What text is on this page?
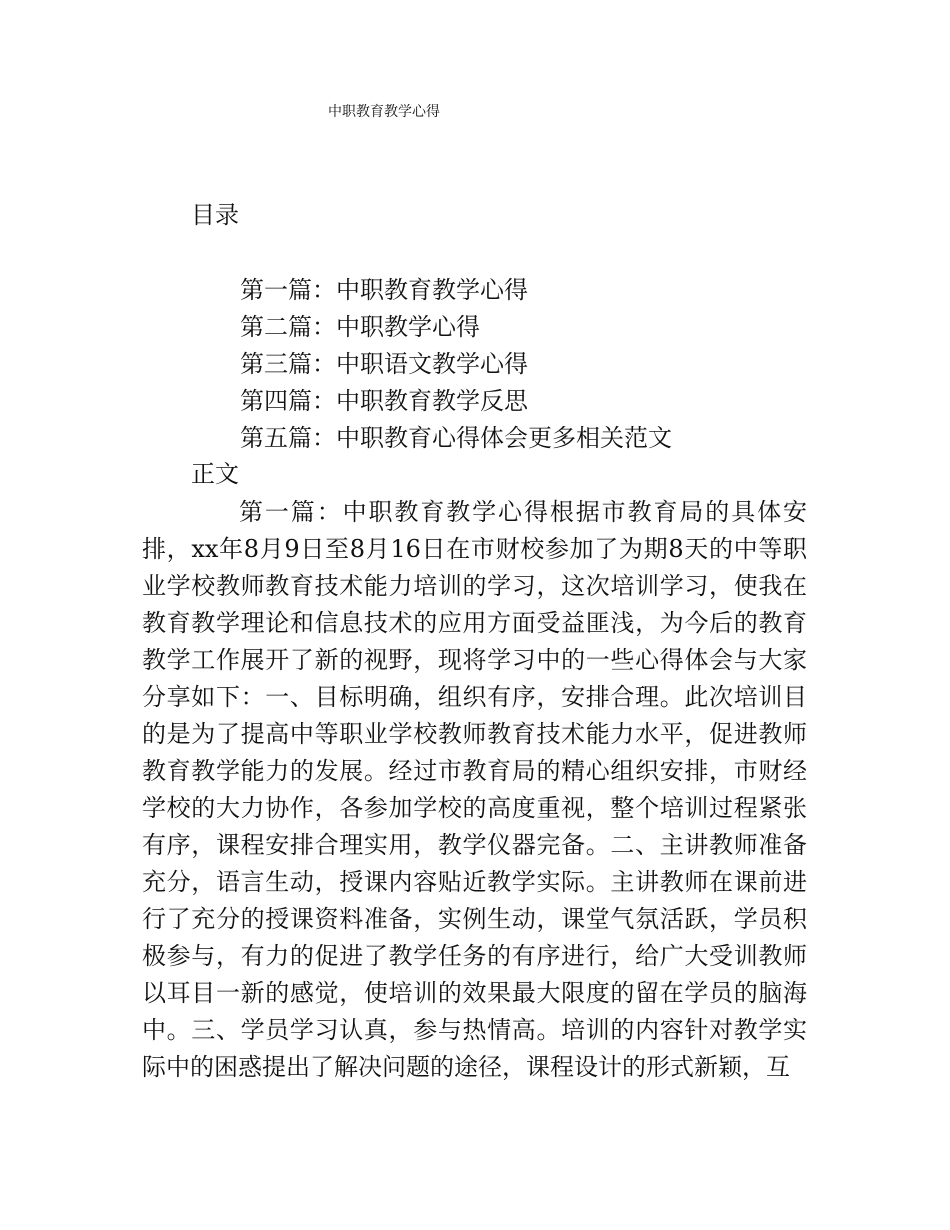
中职教育教学心得
目录
第一篇：中职教育教学心得
第二篇：中职教学心得
第三篇：中职语文教学心得
第四篇：中职教育教学反思
第五篇：中职教育心得体会更多相关范文
正文

第一篇：中职教育教学心得根据市教育局的具体安排，xx年8月9日至8月16日在市财校参加了为期8天的中等职业学校教师教育技术能力培训的学习，这次培训学习，使我在教育教学理论和信息技术的应用方面受益匪浅，为今后的教育教学工作展开了新的视野，现将学习中的一些心得体会与大家分享如下：一、目标明确，组织有序，安排合理。此次培训目的是为了提高中等职业学校教师教育技术能力水平，促进教师教育教学能力的发展。经过市教育局的精心组织安排，市财经学校的大力协作，各参加学校的高度重视，整个培训过程紧张有序，课程安排合理实用，教学仪器完备。二、主讲教师准备充分，语言生动，授课内容贴近教学实际。主讲教师在课前进行了充分的授课资料准备，实例生动，课堂气氛活跃，学员积极参与，有力的促进了教学任务的有序进行，给广大受训教师以耳目一新的感觉，使培训的效果最大限度的留在学员的脑海中。三、学员学习认真，参与热情高。培训的内容针对教学实际中的困惑提出了解决问题的途径，课程设计的形式新颖，互
